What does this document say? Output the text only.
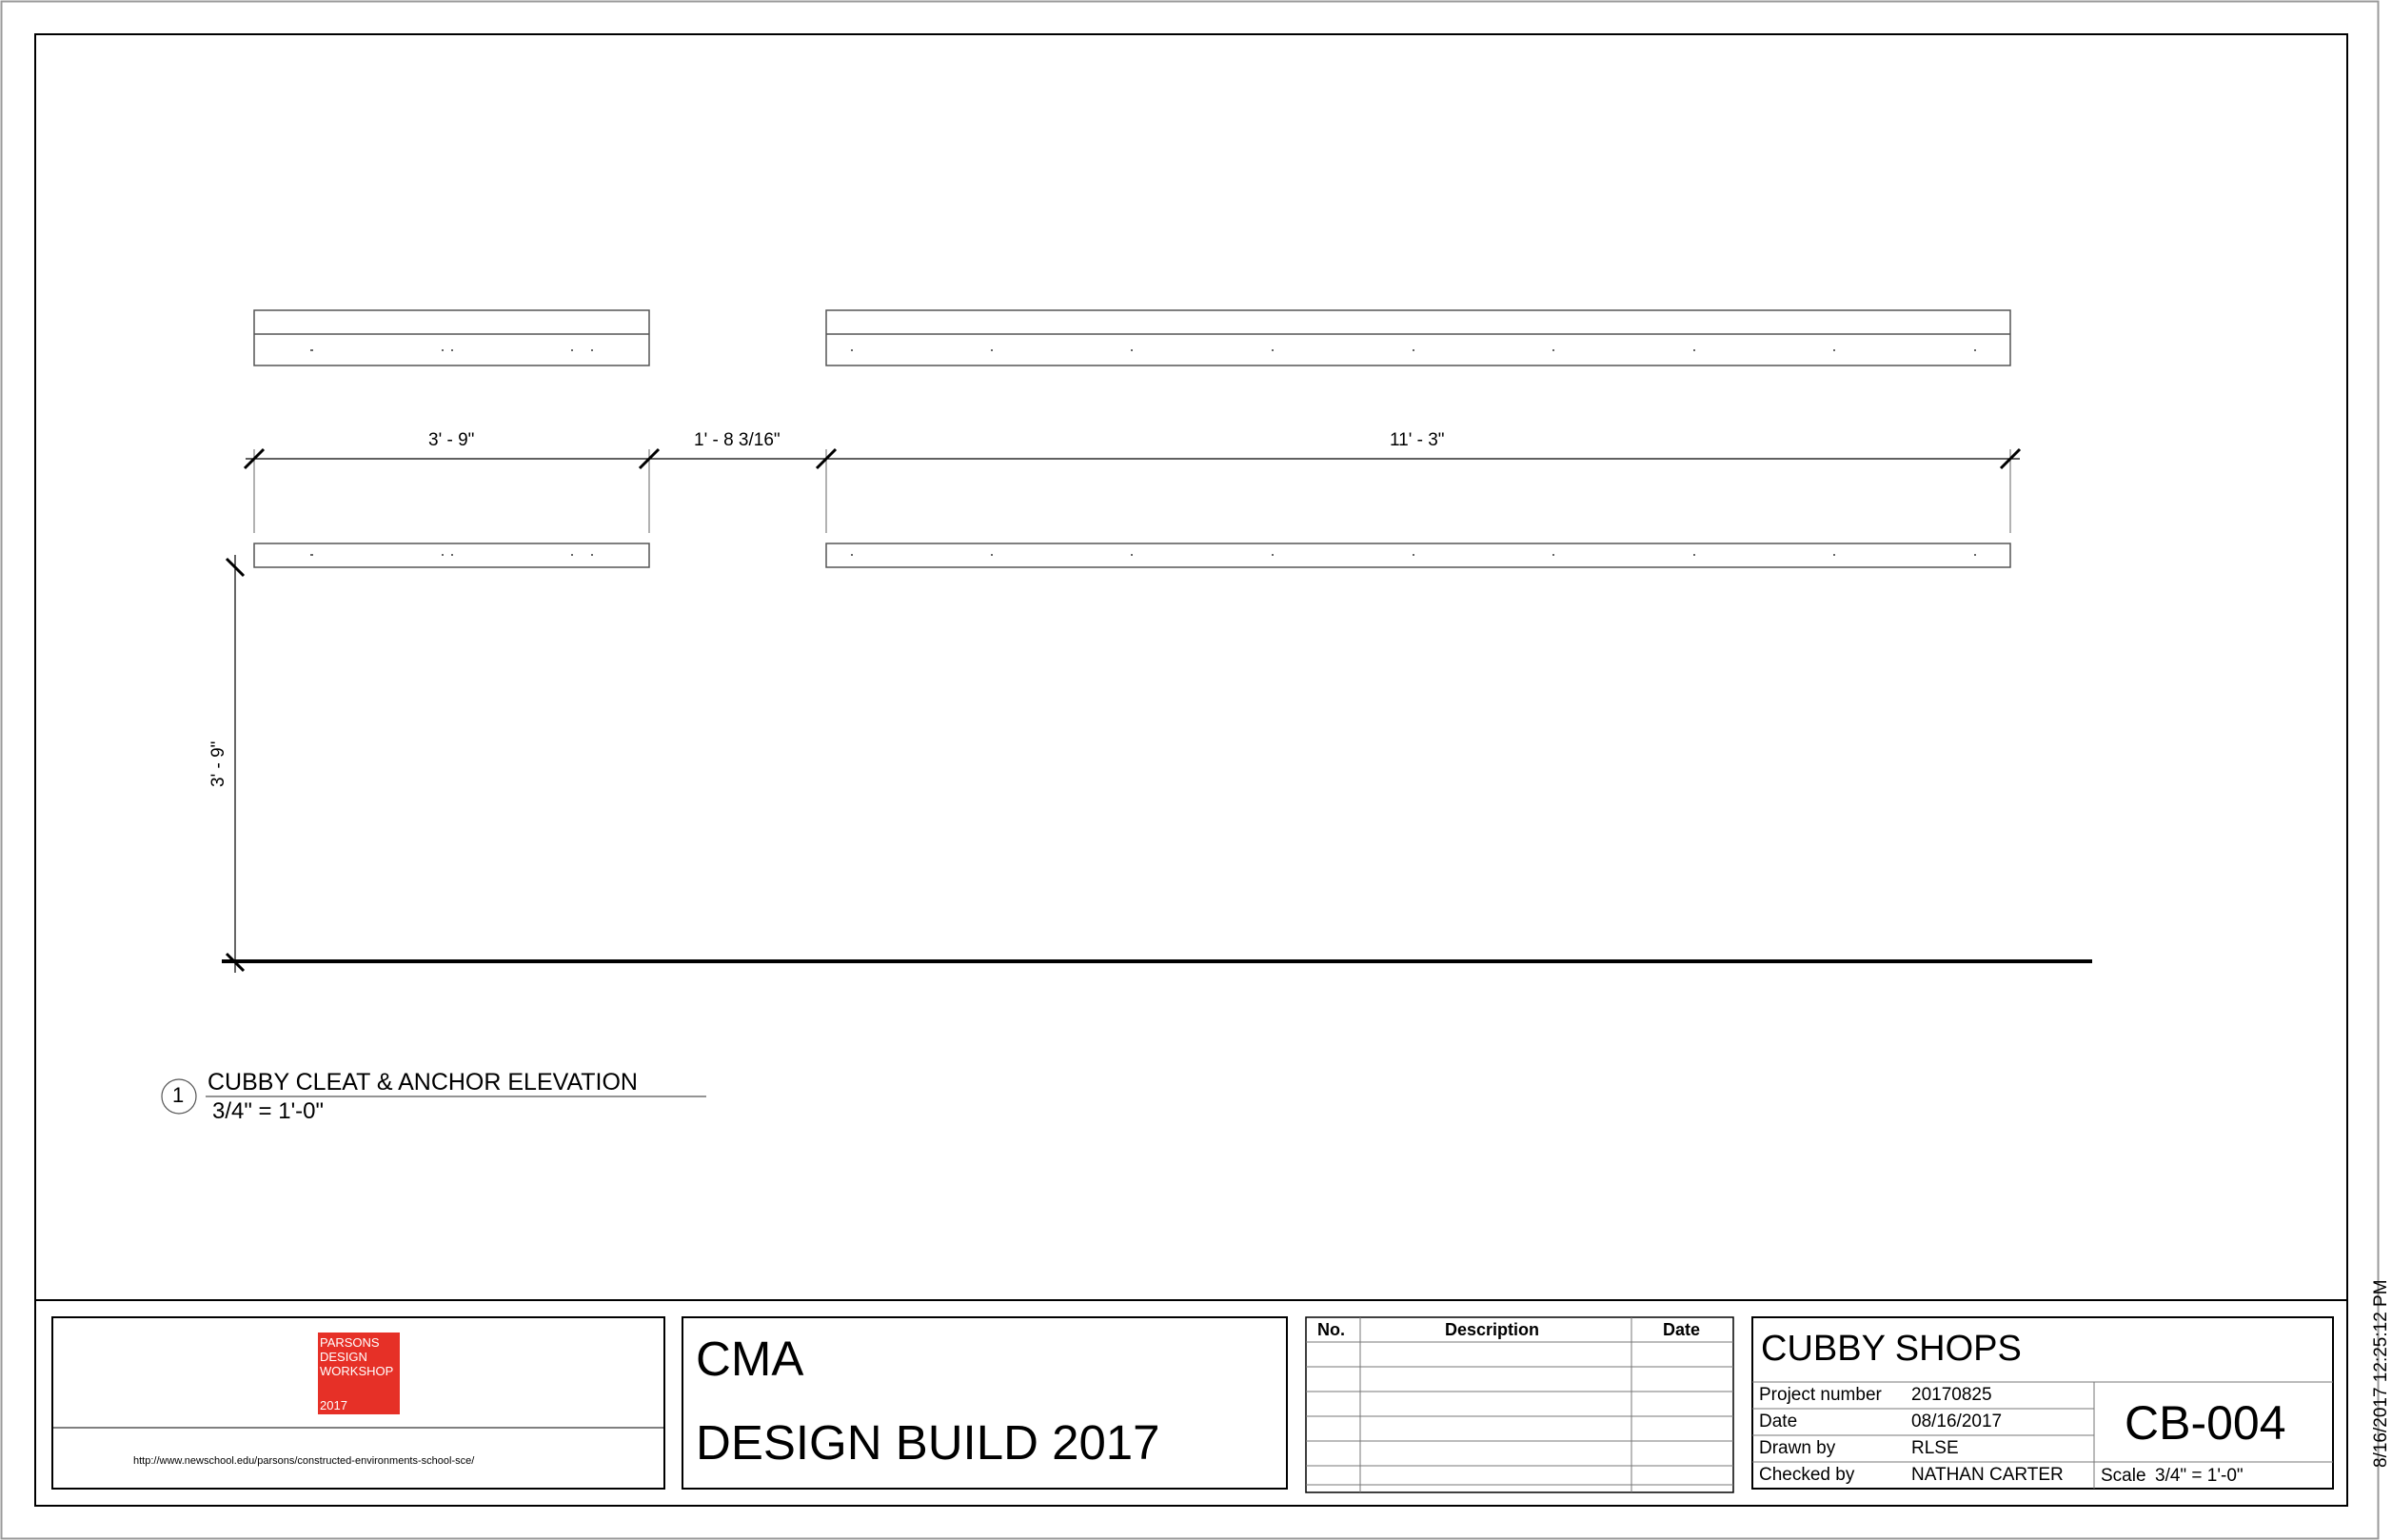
3' - 9"	1' - 8 3/16"	11' - 3"
3' - 9"
1 CUBBY CLEAT & ANCHOR ELEVATION
3/4" = 1'-0"
PARSONS
DESIGN
WORKSHOP
2017
http://www.newschool.edu/parsons/constructed-environments-school-sce/
CMA
DESIGN BUILD 2017
No.	Description	Date CUBBY SHOPS
Project number 20170825
Date	08/16/2017
Drawn by	RLSE
Checked by	NATHAN CARTER
CB-004
Scale 3/4" = 1'-0"
8/16/2017 12:25:12 PM
